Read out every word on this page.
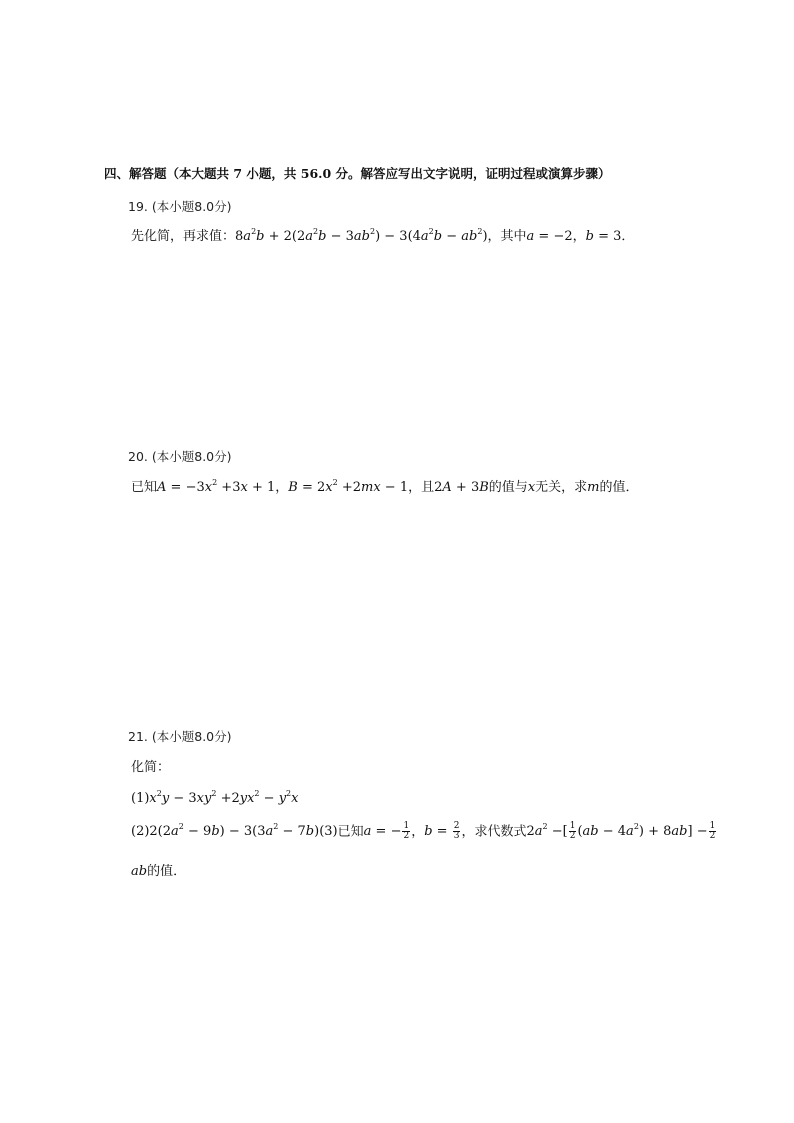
四、解答题（本大题共 7 小题，共 56.0 分。解答应写出文字说明，证明过程或演算步骤）
19. (本小题8.0分)
先化简，再求值：$8a^2b + 2(2a^2b - 3ab^2) - 3(4a^2b - ab^2)$，其中a = −2，b = 3．
20. (本小题8.0分)
已知$A = -3x^2 +3x + 1$，$B = 2x^2 +2mx - 1$，且2A + 3B的值与x无关，求m的值．
21. (本小题8.0分)
化简：
$(1)x^2y - 3xy^2 +2yx^2 - y^2x$
$(2)2(2a^2 - 9b) - 3(3a^2 - 7b)(3)$已知a = − $\frac{1}{2}$ ，$b = \frac{2}{3}$ ，求代数式$2a^2$ −[ $\frac{1}{2} (ab - 4a^2) + 8ab] - \frac{1}{2}$
ab的值．
